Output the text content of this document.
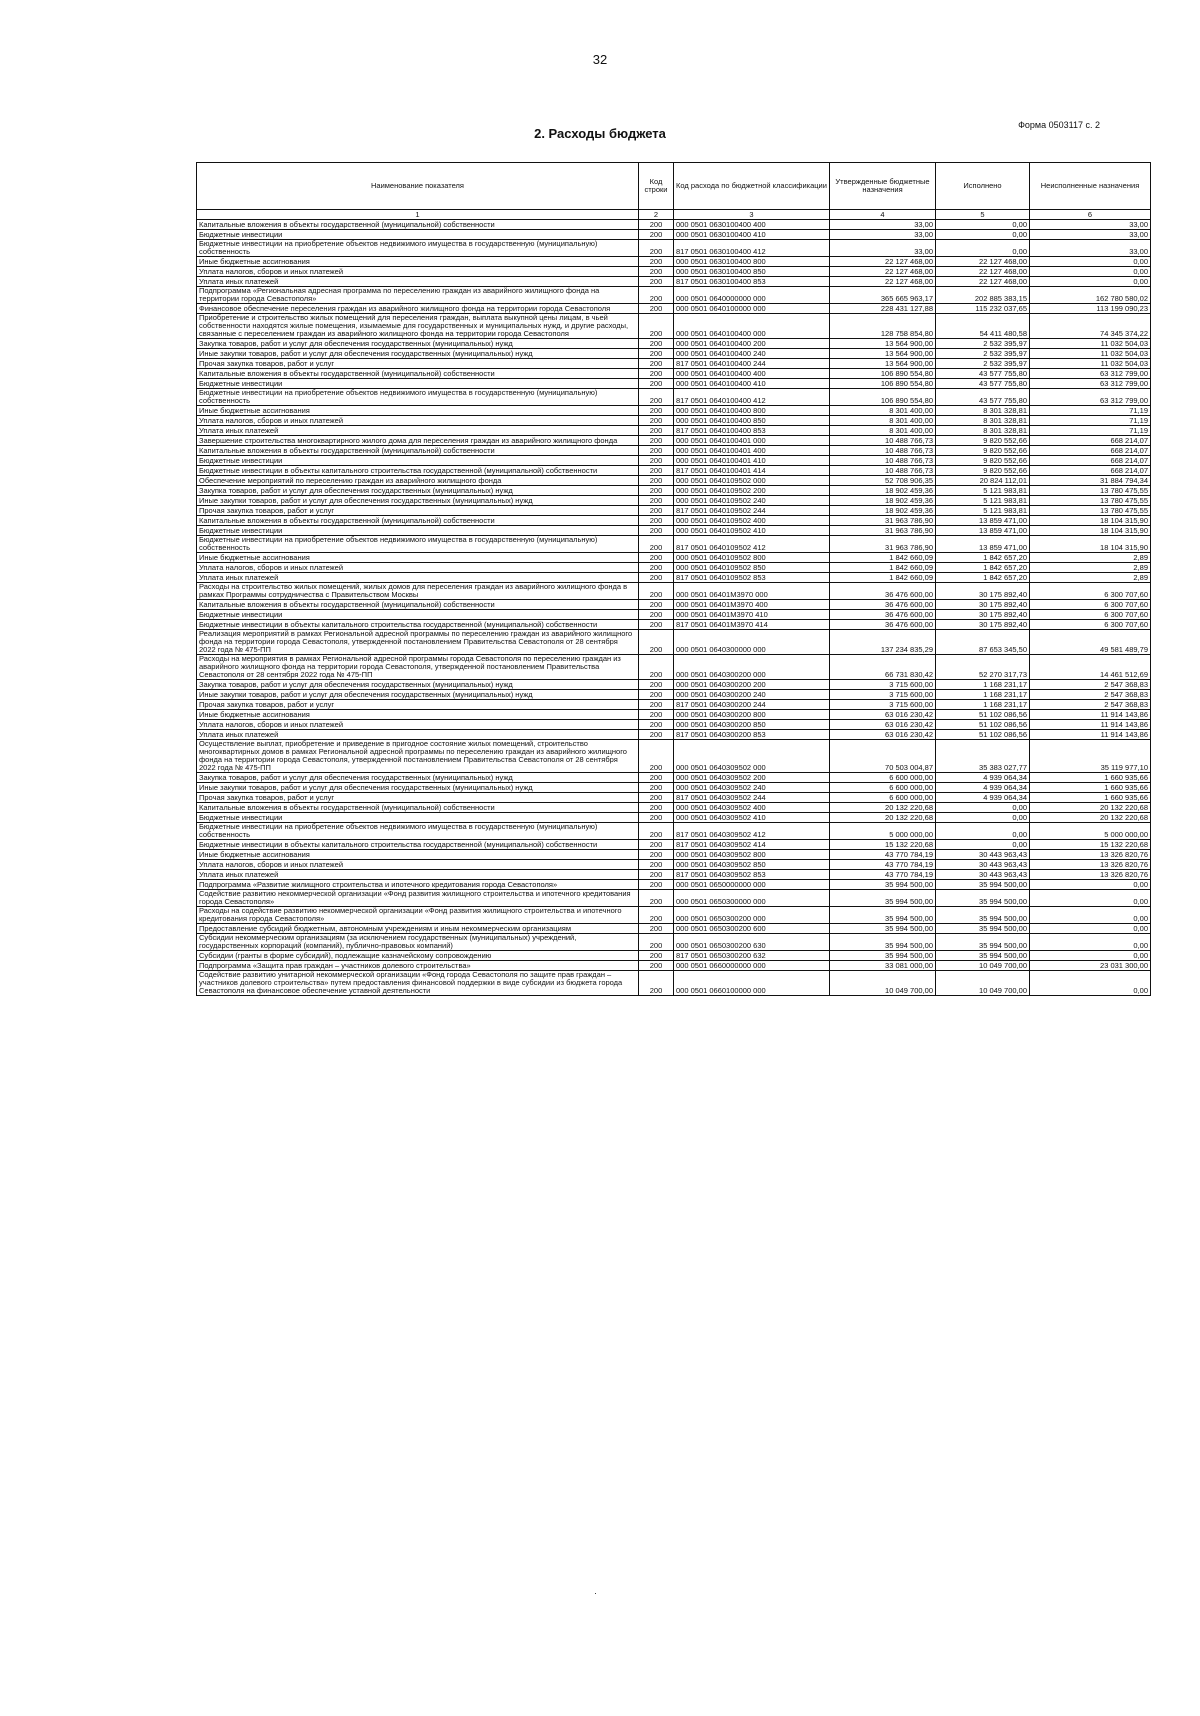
32
Форма 0503117 с. 2
2. Расходы бюджета
Наименование показателя	Код строки	Код расхода по бюджетной классификации	Утвержденные бюджетные назначения	Исполнено	Неисполненные назначения
1	2	3	4	5	6
Капитальные вложения в объекты государственной (муниципальной) собственности	200	000 0501 0630100400 400	33,00	0,00	33,00
Бюджетные инвестиции	200	000 0501 0630100400 410	33,00	0,00	33,00
Бюджетные инвестиции на приобретение объектов недвижимого имущества в государственную (муниципальную) собственность	200	817 0501 0630100400 412	33,00	0,00	33,00
Иные бюджетные ассигнования	200	000 0501 0630100400 800	22 127 468,00	22 127 468,00	0,00
Уплата налогов, сборов и иных платежей	200	000 0501 0630100400 850	22 127 468,00	22 127 468,00	0,00
Уплата иных платежей	200	817 0501 0630100400 853	22 127 468,00	22 127 468,00	0,00
Подпрограмма «Региональная адресная программа по переселению граждан из аварийного жилищного фонда на территории города Севастополя»	200	000 0501 0640000000 000	365 665 963,17	202 885 383,15	162 780 580,02
Финансовое обеспечение переселения граждан из аварийного жилищного фонда на территории города Севастополя	200	000 0501 0640100000 000	228 431 127,88	115 232 037,65	113 199 090,23
Приобретение и строительство жилых помещений для переселения граждан, выплата выкупной цены лицам, в чьей собственности находятся жилые помещения, изымаемые для государственных и муниципальных нужд, и другие расходы, связанные с переселением граждан из аварийного жилищного фонда на территории города Севастополя	200	000 0501 0640100400 000	128 758 854,80	54 411 480,58	74 345 374,22
Закупка товаров, работ и услуг для обеспечения государственных (муниципальных) нужд	200	000 0501 0640100400 200	13 564 900,00	2 532 395,97	11 032 504,03
Иные закупки товаров, работ и услуг для обеспечения государственных (муниципальных) нужд	200	000 0501 0640100400 240	13 564 900,00	2 532 395,97	11 032 504,03
Прочая закупка товаров, работ и услуг	200	817 0501 0640100400 244	13 564 900,00	2 532 395,97	11 032 504,03
Капитальные вложения в объекты государственной (муниципальной) собственности	200	000 0501 0640100400 400	106 890 554,80	43 577 755,80	63 312 799,00
Бюджетные инвестиции	200	000 0501 0640100400 410	106 890 554,80	43 577 755,80	63 312 799,00
Бюджетные инвестиции на приобретение объектов недвижимого имущества в государственную (муниципальную) собственность	200	817 0501 0640100400 412	106 890 554,80	43 577 755,80	63 312 799,00
Иные бюджетные ассигнования	200	000 0501 0640100400 800	8 301 400,00	8 301 328,81	71,19
Уплата налогов, сборов и иных платежей	200	000 0501 0640100400 850	8 301 400,00	8 301 328,81	71,19
Уплата иных платежей	200	817 0501 0640100400 853	8 301 400,00	8 301 328,81	71,19
Завершение строительства многоквартирного жилого дома для переселения граждан из аварийного жилищного фонда	200	000 0501 0640100401 000	10 488 766,73	9 820 552,66	668 214,07
Капитальные вложения в объекты государственной (муниципальной) собственности	200	000 0501 0640100401 400	10 488 766,73	9 820 552,66	668 214,07
Бюджетные инвестиции	200	000 0501 0640100401 410	10 488 766,73	9 820 552,66	668 214,07
Бюджетные инвестиции в объекты капитального строительства государственной (муниципальной) собственности	200	817 0501 0640100401 414	10 488 766,73	9 820 552,66	668 214,07
Обеспечение мероприятий по переселению граждан из аварийного жилищного фонда	200	000 0501 0640109502 000	52 708 906,35	20 824 112,01	31 884 794,34
Закупка товаров, работ и услуг для обеспечения государственных (муниципальных) нужд	200	000 0501 0640109502 200	18 902 459,36	5 121 983,81	13 780 475,55
Иные закупки товаров, работ и услуг для обеспечения государственных (муниципальных) нужд	200	000 0501 0640109502 240	18 902 459,36	5 121 983,81	13 780 475,55
Прочая закупка товаров, работ и услуг	200	817 0501 0640109502 244	18 902 459,36	5 121 983,81	13 780 475,55
Капитальные вложения в объекты государственной (муниципальной) собственности	200	000 0501 0640109502 400	31 963 786,90	13 859 471,00	18 104 315,90
Бюджетные инвестиции	200	000 0501 0640109502 410	31 963 786,90	13 859 471,00	18 104 315,90
Бюджетные инвестиции на приобретение объектов недвижимого имущества в государственную (муниципальную) собственность	200	817 0501 0640109502 412	31 963 786,90	13 859 471,00	18 104 315,90
Иные бюджетные ассигнования	200	000 0501 0640109502 800	1 842 660,09	1 842 657,20	2,89
Уплата налогов, сборов и иных платежей	200	000 0501 0640109502 850	1 842 660,09	1 842 657,20	2,89
Уплата иных платежей	200	817 0501 0640109502 853	1 842 660,09	1 842 657,20	2,89
Расходы на строительство жилых помещений, жилых домов для переселения граждан из аварийного жилищного фонда в рамках Программы сотрудничества с Правительством Москвы	200	000 0501 06401M3970 000	36 476 600,00	30 175 892,40	6 300 707,60
Капитальные вложения в объекты государственной (муниципальной) собственности	200	000 0501 06401M3970 400	36 476 600,00	30 175 892,40	6 300 707,60
Бюджетные инвестиции	200	000 0501 06401M3970 410	36 476 600,00	30 175 892,40	6 300 707,60
Бюджетные инвестиции в объекты капитального строительства государственной (муниципальной) собственности	200	817 0501 06401M3970 414	36 476 600,00	30 175 892,40	6 300 707,60
Реализация мероприятий в рамках Региональной адресной программы по переселению граждан из аварийного жилищного фонда на территории города Севастополя, утвержденной постановлением Правительства Севастополя от 28 сентября 2022 года № 475-ПП	200	000 0501 0640300000 000	137 234 835,29	87 653 345,50	49 581 489,79
Расходы на мероприятия в рамках Региональной адресной программы города Севастополя по переселению граждан из аварийного жилищного фонда на территории города Севастополя, утвержденной постановлением Правительства Севастополя от 28 сентября 2022 года № 475-ПП	200	000 0501 0640300200 000	66 731 830,42	52 270 317,73	14 461 512,69
Закупка товаров, работ и услуг для обеспечения государственных (муниципальных) нужд	200	000 0501 0640300200 200	3 715 600,00	1 168 231,17	2 547 368,83
Иные закупки товаров, работ и услуг для обеспечения государственных (муниципальных) нужд	200	000 0501 0640300200 240	3 715 600,00	1 168 231,17	2 547 368,83
Прочая закупка товаров, работ и услуг	200	817 0501 0640300200 244	3 715 600,00	1 168 231,17	2 547 368,83
Иные бюджетные ассигнования	200	000 0501 0640300200 800	63 016 230,42	51 102 086,56	11 914 143,86
Уплата налогов, сборов и иных платежей	200	000 0501 0640300200 850	63 016 230,42	51 102 086,56	11 914 143,86
Уплата иных платежей	200	817 0501 0640300200 853	63 016 230,42	51 102 086,56	11 914 143,86
Осуществление выплат, приобретение и приведение в пригодное состояние жилых помещений, строительство многоквартирных домов в рамках Региональной адресной программы по переселению граждан из аварийного жилищного фонда на территории города Севастополя, утвержденной постановлением Правительства Севастополя от 28 сентября 2022 года № 475-ПП	200	000 0501 0640309502 000	70 503 004,87	35 383 027,77	35 119 977,10
Закупка товаров, работ и услуг для обеспечения государственных (муниципальных) нужд	200	000 0501 0640309502 200	6 600 000,00	4 939 064,34	1 660 935,66
Иные закупки товаров, работ и услуг для обеспечения государственных (муниципальных) нужд	200	000 0501 0640309502 240	6 600 000,00	4 939 064,34	1 660 935,66
Прочая закупка товаров, работ и услуг	200	817 0501 0640309502 244	6 600 000,00	4 939 064,34	1 660 935,66
Капитальные вложения в объекты государственной (муниципальной) собственности	200	000 0501 0640309502 400	20 132 220,68	0,00	20 132 220,68
Бюджетные инвестиции	200	000 0501 0640309502 410	20 132 220,68	0,00	20 132 220,68
Бюджетные инвестиции на приобретение объектов недвижимого имущества в государственную (муниципальную) собственность	200	817 0501 0640309502 412	5 000 000,00	0,00	5 000 000,00
Бюджетные инвестиции в объекты капитального строительства государственной (муниципальной) собственности	200	817 0501 0640309502 414	15 132 220,68	0,00	15 132 220,68
Иные бюджетные ассигнования	200	000 0501 0640309502 800	43 770 784,19	30 443 963,43	13 326 820,76
Уплата налогов, сборов и иных платежей	200	000 0501 0640309502 850	43 770 784,19	30 443 963,43	13 326 820,76
Уплата иных платежей	200	817 0501 0640309502 853	43 770 784,19	30 443 963,43	13 326 820,76
Подпрограмма «Развитие жилищного строительства и ипотечного кредитования города Севастополя»	200	000 0501 0650000000 000	35 994 500,00	35 994 500,00	0,00
Содействие развитию некоммерческой организации «Фонд развития жилищного строительства и ипотечного кредитования города Севастополя»	200	000 0501 0650300000 000	35 994 500,00	35 994 500,00	0,00
Расходы на содействие развитию некоммерческой организации «Фонд развития жилищного строительства и ипотечного кредитования города Севастополя»	200	000 0501 0650300200 000	35 994 500,00	35 994 500,00	0,00
Предоставление субсидий бюджетным, автономным учреждениям и иным некоммерческим организациям	200	000 0501 0650300200 600	35 994 500,00	35 994 500,00	0,00
Субсидии некоммерческим организациям (за исключением государственных (муниципальных) учреждений, государственных корпораций (компаний), публично-правовых компаний)	200	000 0501 0650300200 630	35 994 500,00	35 994 500,00	0,00
Субсидии (гранты в форме субсидий), подлежащие казначейскому сопровождению	200	817 0501 0650300200 632	35 994 500,00	35 994 500,00	0,00
Подпрограмма «Защита прав граждан – участников долевого строительства»	200	000 0501 0660000000 000	33 081 000,00	10 049 700,00	23 031 300,00
Содействие развитию унитарной некоммерческой организации «Фонд города Севастополя по защите прав граждан – участников долевого строительства» путем предоставления финансовой поддержки в виде субсидии из бюджета города Севастополя на финансовое обеспечение уставной деятельности	200	000 0501 0660100000 000	10 049 700,00	10 049 700,00	0,00
·
